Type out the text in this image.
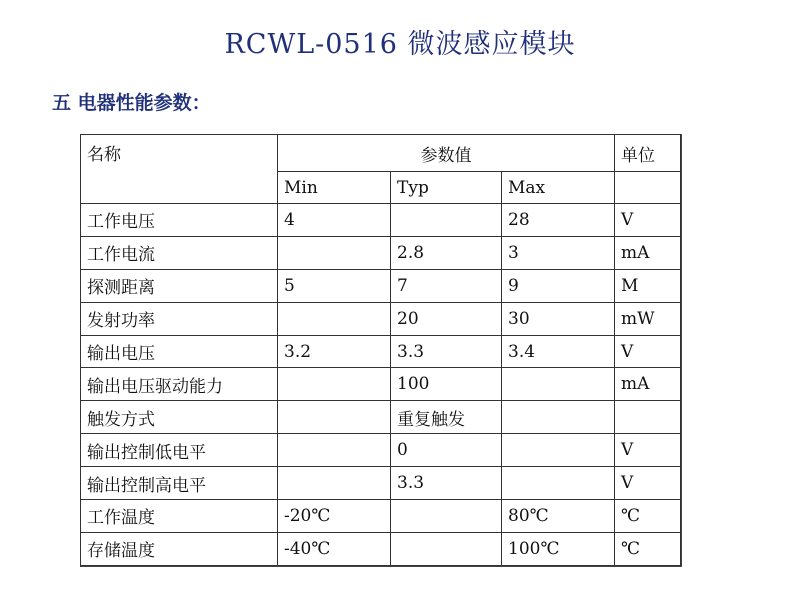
RCWL-0516 微波感应模块
五 电器性能参数：
名称	参数值			单位
	Min	Typ	Max	
工作电压	4		28	V
工作电流		2.8	3	mA
探测距离	5	7	9	M
发射功率		20	30	mW
输出电压	3.2	3.3	3.4	V
输出电压驱动能力		100		mA
触发方式		重复触发		
输出控制低电平		0		V
输出控制高电平		3.3		V
工作温度	-20℃		80℃	℃
存储温度	-40℃		100℃	℃
